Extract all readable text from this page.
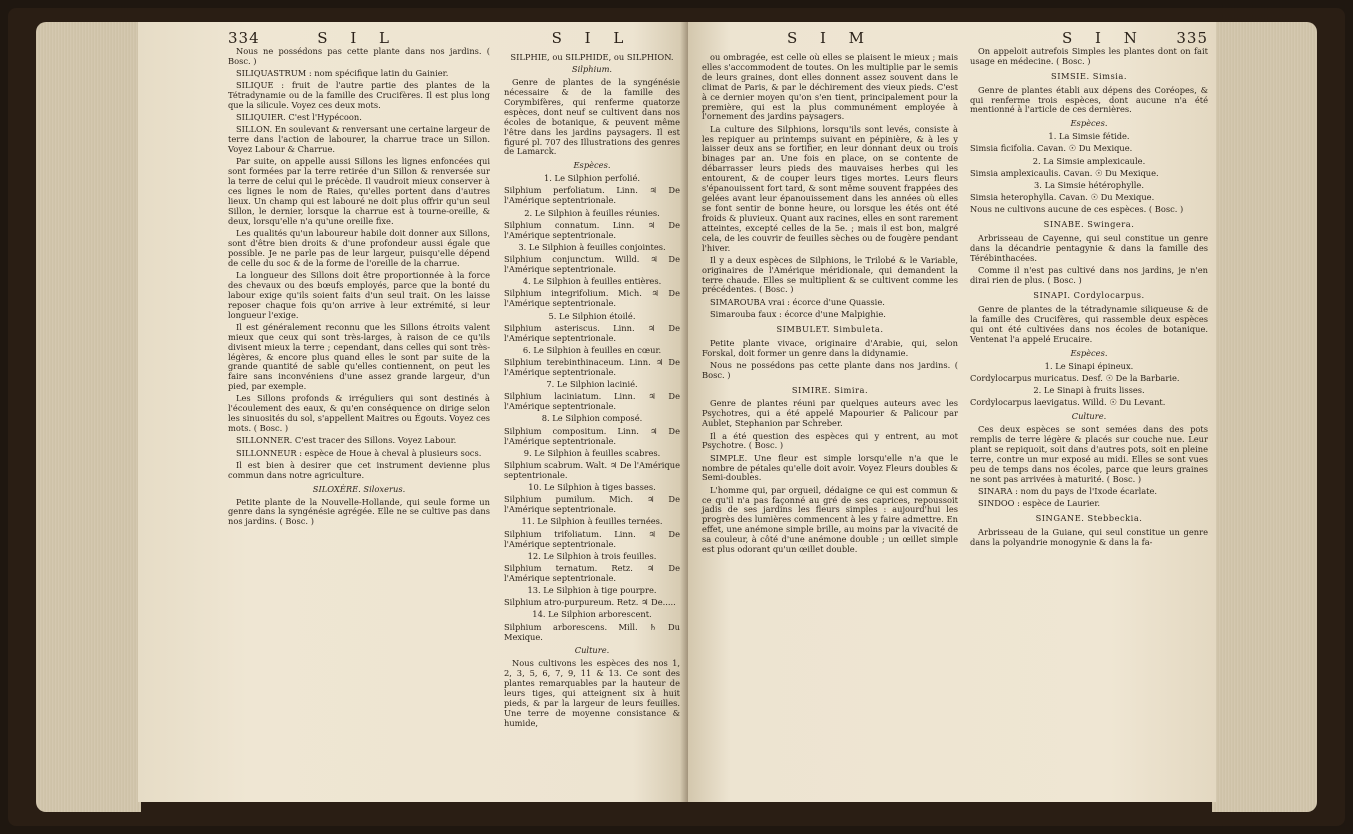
334	S I L

Nous ne possédons pas cette plante dans nos jardins. ( Bosc. )

SILIQUASTRUM : nom spécifique latin du Gainier.

SILIQUE : fruit de l'autre partie des plantes de la Tétradynamie ou de la famille des Crucifères. Il est plus long que la silicule. Voyez ces deux mots.

SILIQUIER. C'est l'Hypécoon.

SILLON. En soulevant & renversant une certaine largeur de terre dans l'action de labourer, la charrue trace un Sillon. Voyez Labour & Charrue.

Par suite, on appelle aussi Sillons les lignes enfoncées qui sont formées par la terre retirée d'un Sillon & renversée sur la terre de celui qui le précède. Il vaudroit mieux conserver à ces lignes le nom de Raies, qu'elles portent dans d'autres lieux. Un champ qui est labouré ne doit plus offrir qu'un seul Sillon, le dernier, lorsque la charrue est à tourne-oreille, & deux, lorsqu'elle n'a qu'une oreille fixe.

Les qualités qu'un laboureur habile doit donner aux Sillons, sont d'être bien droits & d'une profondeur aussi égale que possible. Je ne parle pas de leur largeur, puisqu'elle dépend de celle du soc & de la forme de l'oreille de la charrue.

La longueur des Sillons doit être proportionnée à la force des chevaux ou des bœufs employés, parce que la bonté du labour exige qu'ils soient faits d'un seul trait. On les laisse reposer chaque fois qu'on arrive à leur extrémité, si leur longueur l'exige.

Il est généralement reconnu que les Sillons étroits valent mieux que ceux qui sont très-larges, à raison de ce qu'ils divisent mieux la terre ; cependant, dans celles qui sont très-légères, & encore plus quand elles le sont par suite de la grande quantité de sable qu'elles contiennent, on peut les faire sans inconvéniens d'une assez grande largeur, d'un pied, par exemple.

Les Sillons profonds & irréguliers qui sont destinés à l'écoulement des eaux, & qu'en conséquence on dirige selon les sinuosités du sol, s'appellent Maitres ou Égouts. Voyez ces mots. ( Bosc. )

SILLONNER. C'est tracer des Sillons. Voyez Labour.

SILLONNEUR : espèce de Houe à cheval à plusieurs socs.

Il est bien à desirer que cet instrument devienne plus commun dans notre agriculture.

SILOXÈRE. Siloxerus.

Petite plante de la Nouvelle-Hollande, qui seule forme un genre dans la syngénésie agrégée. Elle ne se cultive pas dans nos jardins. ( Bosc. )

S I L

SILPHIE, ou SILPHIDE, ou SILPHION.

Silphium.

Genre de plantes de la syngénésie nécessaire & de la famille des Corymbifères, qui renferme quatorze espèces, dont neuf se cultivent dans nos écoles de botanique, & peuvent même l'être dans les jardins paysagers. Il est figuré pl. 707 des Illustrations des genres de Lamarck.

Espèces.

1. Le Silphion perfolié.

Silphium perfoliatum. Linn. ♃ De l'Amérique septentrionale.

2. Le Silphion à feuilles réunies.

Silphium connatum. Linn. ♃ De l'Amérique septentrionale.

3. Le Silphion à feuilles conjointes.

Silphium conjunctum. Willd. ♃ De l'Amérique septentrionale.

4. Le Silphion à feuilles entières.

Silphium integrifolium. Mich. ♃ De l'Amérique septentrionale.

5. Le Silphion étoilé.

Silphium asteriscus. Linn. ♃ De l'Amérique septentrionale.

6. Le Silphion à feuilles en cœur.

Silphium terebinthinaceum. Linn. ♃ De l'Amérique septentrionale.

7. Le Silphion lacinié.

Silphium laciniatum. Linn. ♃ De l'Amérique septentrionale.

8. Le Silphion composé.

Silphium compositum. Linn. ♃ De l'Amérique septentrionale.

9. Le Silphion à feuilles scabres.

Silphium scabrum. Walt. ♃ De l'Amérique septentrionale.

10. Le Silphion à tiges basses.

Silphium pumilum. Mich. ♃ De l'Amérique septentrionale.

11. Le Silphion à feuilles ternées.

Silphium trifoliatum. Linn. ♃ De l'Amérique septentrionale.

12. Le Silphion à trois feuilles.

Silphium ternatum. Retz. ♃ De l'Amérique septentrionale.

13. Le Silphion à tige pourpre.

Silphium atro-purpureum. Retz. ♃ De.....

14. Le Silphion arborescent.

Silphium arborescens. Mill. ♄ Du Mexique.

Culture.

Nous cultivons les espèces des nos 1, 2, 3, 5, 6, 7, 9, 11 & 13. Ce sont des plantes remarquables par la hauteur de leurs tiges, qui atteignent six à huit pieds, & par la largeur de leurs feuilles. Une terre de moyenne consistance & humide,

S I M

ou ombragée, est celle où elles se plaisent le mieux ; mais elles s'accommodent de toutes. On les multiplie par le semis de leurs graines, dont elles donnent assez souvent dans le climat de Paris, & par le déchirement des vieux pieds. C'est à ce dernier moyen qu'on s'en tient, principalement pour la première, qui est la plus communément employée à l'ornement des jardins paysagers.

La culture des Silphions, lorsqu'ils sont levés, consiste à les repiquer au printemps suivant en pépinière, & à les y laisser deux ans se fortifier, en leur donnant deux ou trois binages par an. Une fois en place, on se contente de débarrasser leurs pieds des mauvaises herbes qui les entourent, & de couper leurs tiges mortes. Leurs fleurs s'épanouissent fort tard, & sont même souvent frappées des gelées avant leur épanouissement dans les années où elles se font sentir de bonne heure, ou lorsque les étés ont été froids & pluvieux. Quant aux racines, elles en sont rarement atteintes, excepté celles de la 5e. ; mais il est bon, malgré cela, de les couvrir de feuilles sèches ou de fougère pendant l'hiver.

Il y a deux espèces de Silphions, le Trilobé & le Variable, originaires de l'Amérique méridionale, qui demandent la terre chaude. Elles se multiplient & se cultivent comme les précédentes. ( Bosc. )

SIMAROUBA vrai : écorce d'une Quassie.

Simarouba faux : écorce d'une Malpighie.

SIMBULET. Simbuleta.

Petite plante vivace, originaire d'Arabie, qui, selon Forskal, doit former un genre dans la didynamie.

Nous ne possédons pas cette plante dans nos jardins. ( Bosc. )

SIMIRE. Simira.

Genre de plantes réuni par quelques auteurs avec les Psychotres, qui a été appelé Mapourier & Palicour par Aublet, Stephanion par Schreber.

Il a été question des espèces qui y entrent, au mot Psychotre. ( Bosc. )

SIMPLE. Une fleur est simple lorsqu'elle n'a que le nombre de pétales qu'elle doit avoir. Voyez Fleurs doubles & Semi-doubles.

L'homme qui, par orgueil, dédaigne ce qui est commun & ce qu'il n'a pas façonné au gré de ses caprices, repoussoit jadis de ses jardins les fleurs simples : aujourd'hui les progrès des lumières commencent à les y faire admettre. En effet, une anémone simple brille, au moins par la vivacité de sa couleur, à côté d'une anémone double ; un œillet simple est plus odorant qu'un œillet double.

S I N 335

On appeloit autrefois Simples les plantes dont on fait usage en médecine. ( Bosc. )

SIMSIE. Simsia.

Genre de plantes établi aux dépens des Coréopes, & qui renferme trois espèces, dont aucune n'a été mentionné à l'article de ces dernières.

Espèces.

1. La Simsie fétide.

Simsia ficifolia. Cavan. ☉ Du Mexique.

2. La Simsie amplexicaule.

Simsia amplexicaulis. Cavan. ☉ Du Mexique.

3. La Simsie hétérophylle.

Simsia heterophylla. Cavan. ☉ Du Mexique.

Nous ne cultivons aucune de ces espèces. ( Bosc. )

SINABE. Swingera.

Arbrisseau de Cayenne, qui seul constitue un genre dans la décandrie pentagynie & dans la famille des Térébinthacées.

Comme il n'est pas cultivé dans nos jardins, je n'en dirai rien de plus. ( Bosc. )

SINAPI. Cordylocarpus.

Genre de plantes de la tétradynamie siliqueuse & de la famille des Crucifères, qui rassemble deux espèces qui ont été cultivées dans nos écoles de botanique. Ventenat l'a appelé Erucaire.

Espèces.

1. Le Sinapi épineux.

Cordylocarpus muricatus. Desf. ☉ De la Barbarie.

2. Le Sinapi à fruits lisses.

Cordylocarpus laevigatus. Willd. ☉ Du Levant.

Culture.

Ces deux espèces se sont semées dans des pots remplis de terre légère & placés sur couche nue. Leur plant se repiquoit, soit dans d'autres pots, soit en pleine terre, contre un mur exposé au midi. Elles se sont vues peu de temps dans nos écoles, parce que leurs graines ne sont pas arrivées à maturité. ( Bosc. )

SINARA : nom du pays de l'Ixode écarlate.

SINDOO : espèce de Laurier.

SINGANE. Stebbeckia.

Arbrisseau de la Guiane, qui seul constitue un genre dans la polyandrie monogynie & dans la fa-
